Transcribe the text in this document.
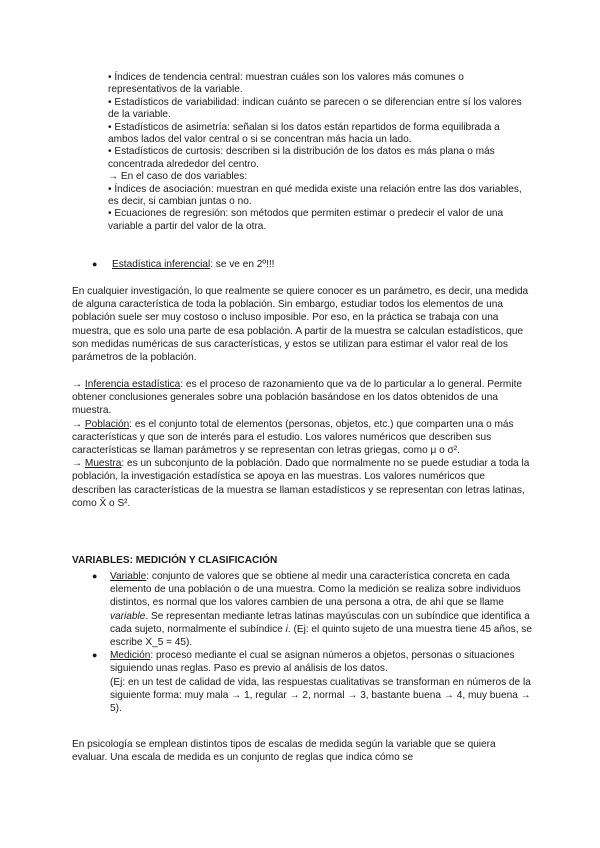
• Índices de tendencia central: muestran cuáles son los valores más comunes o representativos de la variable.

• Estadísticos de variabilidad: indican cuánto se parecen o se diferencian entre sí los valores de la variable.

• Estadísticos de asimetría: señalan si los datos están repartidos de forma equilibrada a ambos lados del valor central o si se concentran más hacia un lado.

• Estadísticos de curtosis: describen si la distribución de los datos es más plana o más concentrada alrededor del centro.

→ En el caso de dos variables:

• Índices de asociación: muestran en qué medida existe una relación entre las dos variables, es decir, si cambian juntas o no.

• Ecuaciones de regresión: son métodos que permiten estimar o predecir el valor de una variable a partir del valor de la otra.

● Estadística inferencial: se ve en 2º!!!

En cualquier investigación, lo que realmente se quiere conocer es un parámetro, es decir, una medida de alguna característica de toda la población. Sin embargo, estudiar todos los elementos de una población suele ser muy costoso o incluso imposible. Por eso, en la práctica se trabaja con una muestra, que es solo una parte de esa población. A partir de la muestra se calculan estadísticos, que son medidas numéricas de sus características, y estos se utilizan para estimar el valor real de los parámetros de la población.

→ Inferencia estadística: es el proceso de razonamiento que va de lo particular a lo general. Permite obtener conclusiones generales sobre una población basándose en los datos obtenidos de una muestra.

→ Población: es el conjunto total de elementos (personas, objetos, etc.) que comparten una o más características y que son de interés para el estudio. Los valores numéricos que describen sus características se llaman parámetros y se representan con letras griegas, como μ o σ².

→ Muestra: es un subconjunto de la población. Dado que normalmente no se puede estudiar a toda la población, la investigación estadística se apoya en las muestras. Los valores numéricos que describen las características de la muestra se llaman estadísticos y se representan con letras latinas, como X̄ o S².

VARIABLES: MEDICIÓN Y CLASIFICACIÓN
● Variable: conjunto de valores que se obtiene al medir una característica concreta en cada elemento de una población o de una muestra. Como la medición se realiza sobre individuos distintos, es normal que los valores cambien de una persona a otra, de ahí que se llame variable. Se representan mediante letras latinas mayúsculas con un subíndice que identifica a cada sujeto, normalmente el subíndice i. (Ej: el quinto sujeto de una muestra tiene 45 años, se escribe X_5 = 45).

● Medición: proceso mediante el cual se asignan números a objetos, personas o situaciones siguiendo unas reglas. Paso es previo al análisis de los datos.

(Ej: en un test de calidad de vida, las respuestas cualitativas se transforman en números de la siguiente forma: muy mala → 1, regular → 2, normal → 3, bastante buena → 4, muy buena → 5).

En psicología se emplean distintos tipos de escalas de medida según la variable que se quiera evaluar. Una escala de medida es un conjunto de reglas que indica cómo se
